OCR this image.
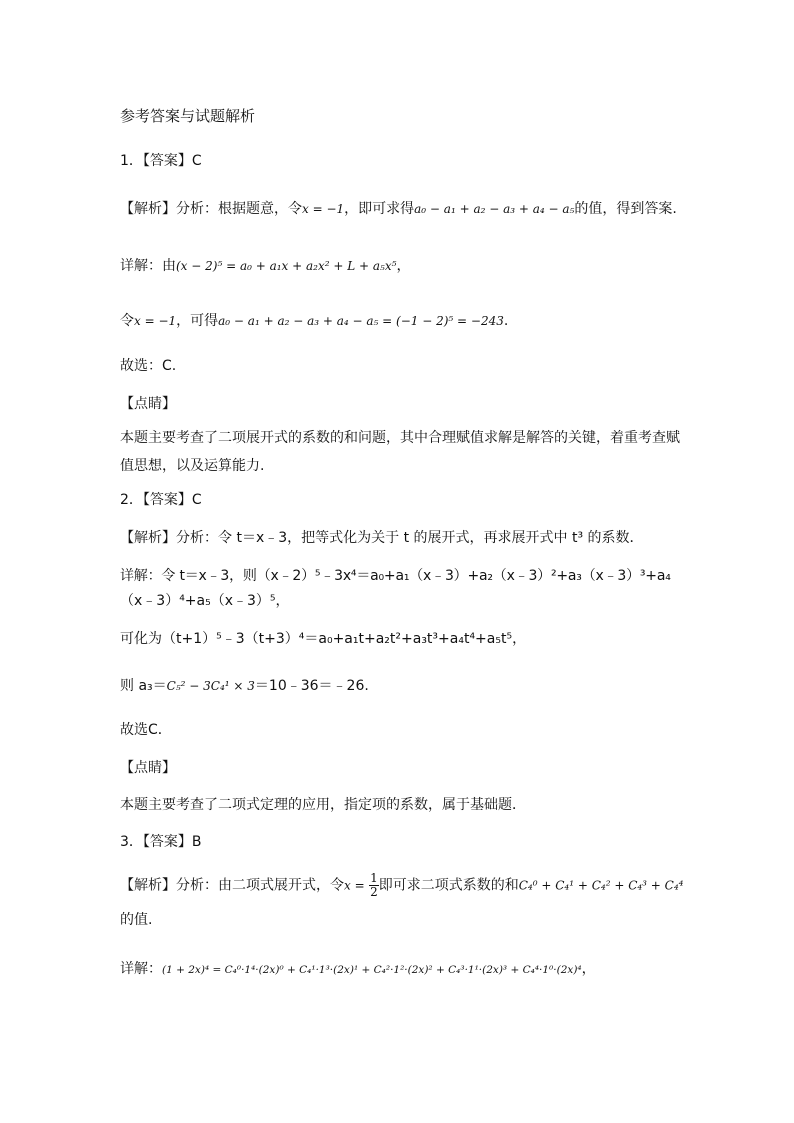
参考答案与试题解析
1．【答案】C
【解析】分析：根据题意，令x = −1，即可求得a₀ − a₁ + a₂ − a₃ + a₄ − a₅的值，得到答案.
详解：由(x − 2)⁵ = a₀ + a₁x + a₂x² + L + a₅x⁵，
令x = −1，可得a₀ − a₁ + a₂ − a₃ + a₄ − a₅ = (−1 − 2)⁵ = −243.
故选：C.
【点睛】
本题主要考查了二项展开式的系数的和问题，其中合理赋值求解是解答的关键，着重考查赋值思想，以及运算能力.
2．【答案】C
【解析】分析：令 t＝x﹣3，把等式化为关于 t 的展开式，再求展开式中 t³ 的系数．
详解：令 t＝x﹣3，则（x﹣2）⁵﹣3x⁴＝a₀+a₁（x﹣3）+a₂（x﹣3）²+a₃（x﹣3）³+a₄
（x﹣3）⁴+a₅（x﹣3）⁵，
可化为（t+1）⁵﹣3（t+3）⁴＝a₀+a₁t+a₂t²+a₃t³+a₄t⁴+a₅t⁵，
则 a₃＝C₅² − 3C₄¹ × 3＝10﹣36＝﹣26.
故选C．
【点睛】
本题主要考查了二项式定理的应用，指定项的系数，属于基础题．
3．【答案】B
【解析】分析：由二项式展开式，令$x = \frac{1}{2}$ 即可求二项式系数的和C₄⁰ + C₄¹ + C₄² + C₄³ + C₄⁴
的值.
详解：(1 + 2x)⁴ = C₄⁰·1⁴·(2x)⁰ + C₄¹·1³·(2x)¹ + C₄²·1²·(2x)² + C₄³·1¹·(2x)³ + C₄⁴·1⁰·(2x)⁴，
